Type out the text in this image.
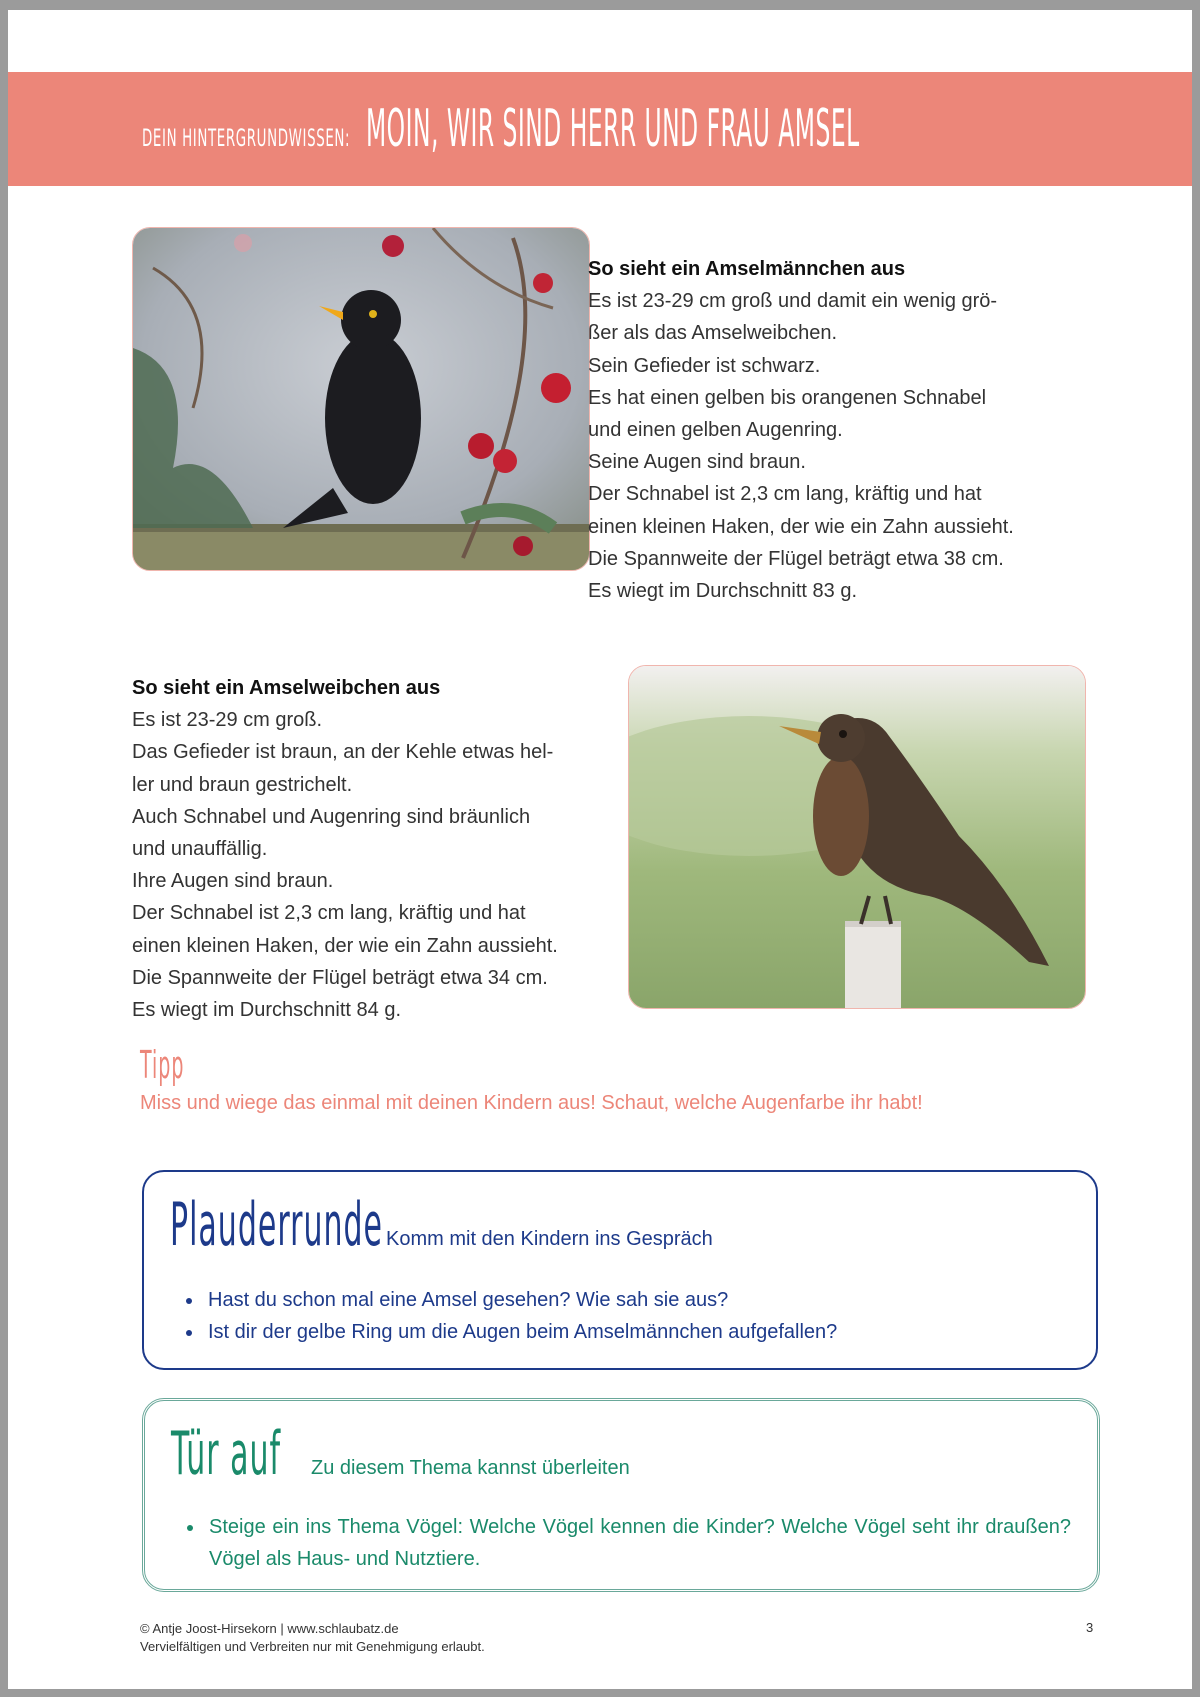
DEIN HINTERGRUNDWISSEN: MOIN, WIR SIND HERR UND FRAU AMSEL
So sieht ein Amselmännchen aus
Es ist 23-29 cm groß und damit ein wenig grö-
ßer als das Amselweibchen.
Sein Gefieder ist schwarz.
Es hat einen gelben bis orangenen Schnabel
und einen gelben Augenring.
Seine Augen sind braun.
Der Schnabel ist 2,3 cm lang, kräftig und hat
einen kleinen Haken, der wie ein Zahn aussieht.
Die Spannweite der Flügel beträgt etwa 38 cm.
Es wiegt im Durchschnitt 83 g.
So sieht ein Amselweibchen aus
Es ist 23-29 cm groß.
Das Gefieder ist braun, an der Kehle etwas hel-
ler und braun gestrichelt.
Auch Schnabel und Augenring sind bräunlich
und unauffällig.
Ihre Augen sind braun.
Der Schnabel ist 2,3 cm lang, kräftig und hat
einen kleinen Haken, der wie ein Zahn aussieht.
Die Spannweite der Flügel beträgt etwa 34 cm.
Es wiegt im Durchschnitt 84 g.
Tipp
Miss und wiege das einmal mit deinen Kindern aus! Schaut, welche Augenfarbe ihr habt!
Plauderrunde Komm mit den Kindern ins Gespräch
• Hast du schon mal eine Amsel gesehen? Wie sah sie aus?
• Ist dir der gelbe Ring um die Augen beim Amselmännchen aufgefallen?
Tür auf Zu diesem Thema kannst überleiten
• Steige ein ins Thema Vögel: Welche Vögel kennen die Kinder? Welche Vögel seht ihr draußen? Vögel als Haus- und Nutztiere.
© Antje Joost-Hirsekorn | www.schlaubatz.de
Vervielfältigen und Verbreiten nur mit Genehmigung erlaubt.
3
